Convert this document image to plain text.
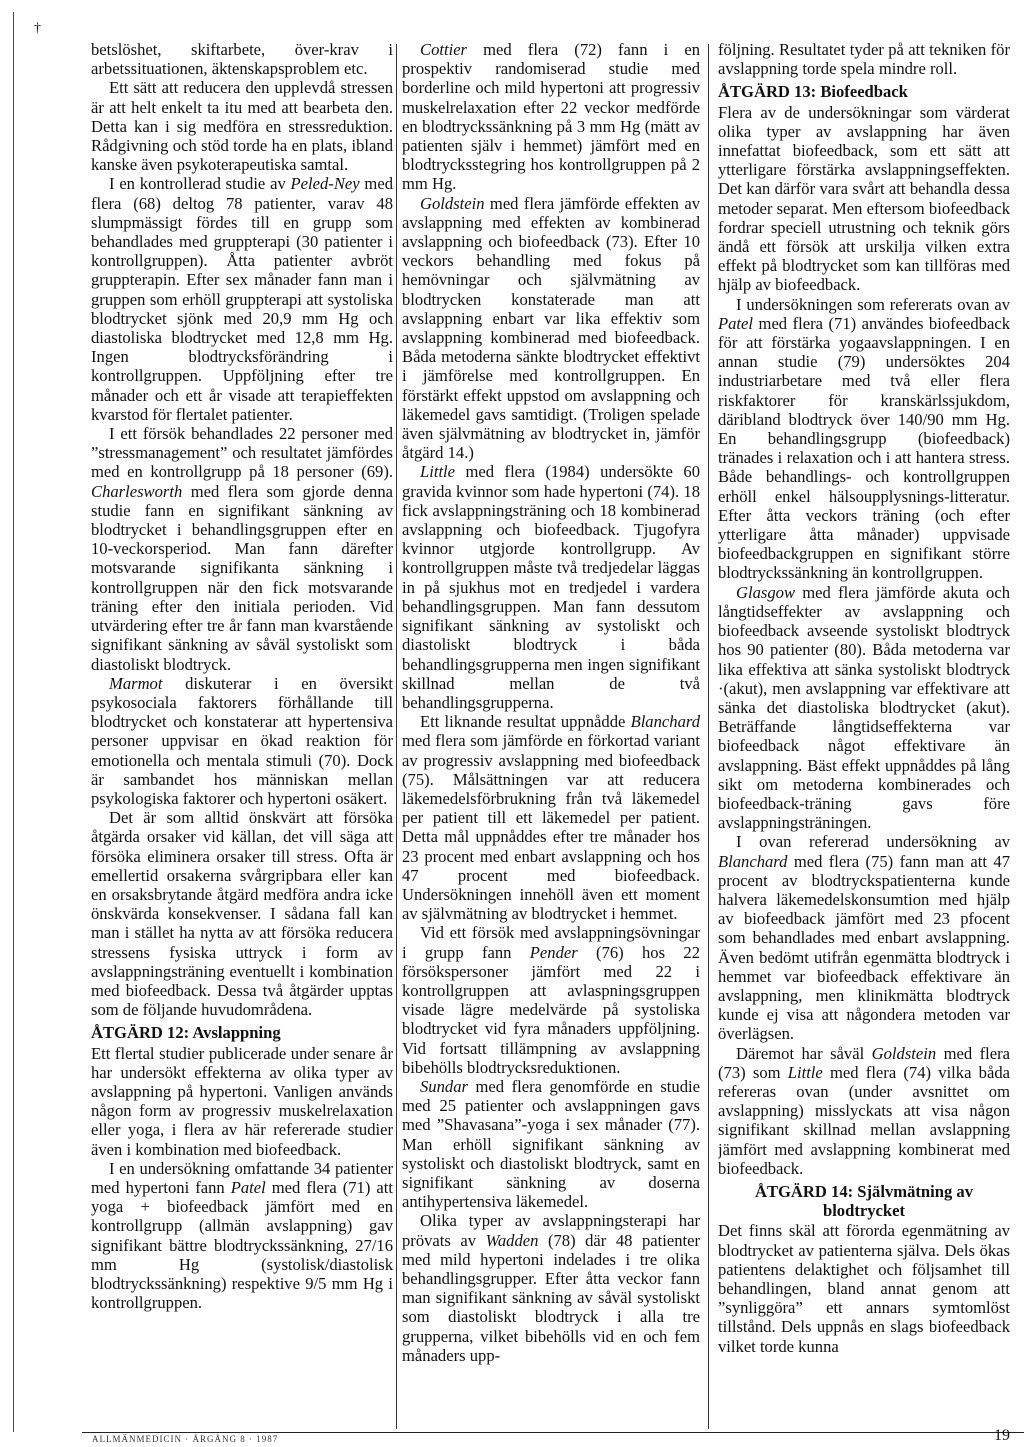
†

betslöshet, skiftarbete, över-krav i arbetssituationen, äktenskapsproblem etc.

Ett sätt att reducera den upplevdå stressen är att helt enkelt ta itu med att bearbeta den. Detta kan i sig medföra en stressreduktion. Rådgivning och stöd torde ha en plats, ibland kanske även psykoterapeutiska samtal.

I en kontrollerad studie av Peled-Ney med flera (68) deltog 78 patienter, varav 48 slumpmässigt fördes till en grupp som behandlades med gruppterapi (30 patienter i kontrollgruppen). Åtta patienter avbröt gruppterapin. Efter sex månader fann man i gruppen som erhöll gruppterapi att systoliska blodtrycket sjönk med 20,9 mm Hg och diastoliska blodtrycket med 12,8 mm Hg. Ingen blodtrycksförändring i kontrollgruppen. Uppföljning efter tre månader och ett år visade att terapieffekten kvarstod för flertalet patienter.

I ett försök behandlades 22 personer med ”stressmanagement” och resultatet jämfördes med en kontrollgrupp på 18 personer (69). Charlesworth med flera som gjorde denna studie fann en signifikant sänkning av blodtrycket i behandlingsgruppen efter en 10-veckorsperiod. Man fann därefter motsvarande signifikanta sänkning i kontrollgruppen när den fick motsvarande träning efter den initiala perioden. Vid utvärdering efter tre år fann man kvarstående signifikant sänkning av såväl systoliskt som diastoliskt blodtryck.

Marmot diskuterar i en översikt psykosociala faktorers förhållande till blodtrycket och konstaterar att hypertensiva personer uppvisar en ökad reaktion för emotionella och mentala stimuli (70). Dock är sambandet hos människan mellan psykologiska faktorer och hypertoni osäkert.

Det är som alltid önskvärt att försöka åtgärda orsaker vid källan, det vill säga att försöka eliminera orsaker till stress. Ofta är emellertid orsakerna svårgripbara eller kan en orsaksbrytande åtgärd medföra andra icke önskvärda konsekvenser. I sådana fall kan man i stället ha nytta av att försöka reducera stressens fysiska uttryck i form av avslappningsträning eventuellt i kombination med biofeedback. Dessa två åtgärder upptas som de följande huvudområdena.

ÅTGÄRD 12: Avslappning

Ett flertal studier publicerade under senare år har undersökt effekterna av olika typer av avslappning på hypertoni. Vanligen används någon form av progressiv muskelrelaxation eller yoga, i flera av här refererade studier även i kombination med biofeedback.

I en undersökning omfattande 34 patienter med hypertoni fann Patel med flera (71) att yoga + biofeedback jämfört med en kontrollgrupp (allmän avslappning) gav signifikant bättre blodtryckssänkning, 27/16 mm Hg (systolisk/diastolisk blodtryckssänkning) respektive 9/5 mm Hg i kontrollgruppen.

Cottier med flera (72) fann i en prospektiv randomiserad studie med borderline och mild hypertoni att progressiv muskelrelaxation efter 22 veckor medförde en blodtryckssänkning på 3 mm Hg (mätt av patienten själv i hemmet) jämfört med en blodtrycksstegring hos kontrollgruppen på 2 mm Hg.

Goldstein med flera jämförde effekten av avslappning med effekten av kombinerad avslappning och biofeedback (73). Efter 10 veckors behandling med fokus på hemövningar och självmätning av blodtrycken konstaterade man att avslappning enbart var lika effektiv som avslappning kombinerad med biofeedback. Båda metoderna sänkte blodtrycket effektivt i jämförelse med kontrollgruppen. En förstärkt effekt uppstod om avslappning och läkemedel gavs samtidigt. (Troligen spelade även självmätning av blodtrycket in, jämför åtgärd 14.)

Little med flera (1984) undersökte 60 gravida kvinnor som hade hypertoni (74). 18 fick avslappningsträning och 18 kombinerad avslappning och biofeedback. Tjugofyra kvinnor utgjorde kontrollgrupp. Av kontrollgruppen måste två tredjedelar läggas in på sjukhus mot en tredjedel i vardera behandlingsgruppen. Man fann dessutom signifikant sänkning av systoliskt och diastoliskt blodtryck i båda behandlingsgrupperna men ingen signifikant skillnad mellan de två behandlingsgrupperna.

Ett liknande resultat uppnådde Blanchard med flera som jämförde en förkortad variant av progressiv avslappning med biofeedback (75). Målsättningen var att reducera läkemedelsförbrukning från två läkemedel per patient till ett läkemedel per patient. Detta mål uppnåddes efter tre månader hos 23 procent med enbart avslappning och hos 47 procent med biofeedback. Undersökningen innehöll även ett moment av självmätning av blodtrycket i hemmet.

Vid ett försök med avslappningsövningar i grupp fann Pender (76) hos 22 försökspersoner jämfört med 22 i kontrollgruppen att avlaspningsgruppen visade lägre medelvärde på systoliska blodtrycket vid fyra månaders uppföljning. Vid fortsatt tillämpning av avslappning bibehölls blodtrycksreduktionen.

Sundar med flera genomförde en studie med 25 patienter och avslappningen gavs med ”Shavasana”-yoga i sex månader (77). Man erhöll signifikant sänkning av systoliskt och diastoliskt blodtryck, samt en signifikant sänkning av doserna antihypertensiva läkemedel.

Olika typer av avslappningsterapi har prövats av Wadden (78) där 48 patienter med mild hypertoni indelades i tre olika behandlingsgrupper. Efter åtta veckor fann man signifikant sänkning av såväl systoliskt som diastoliskt blodtryck i alla tre grupperna, vilket bibehölls vid en och fem månaders upp-

följning. Resultatet tyder på att tekniken för avslappning torde spela mindre roll.

ÅTGÄRD 13: Biofeedback

Flera av de undersökningar som värderat olika typer av avslappning har även innefattat biofeedback, som ett sätt att ytterligare förstärka avslappningseffekten. Det kan därför vara svårt att behandla dessa metoder separat. Men eftersom biofeedback fordrar speciell utrustning och teknik görs ändå ett försök att urskilja vilken extra effekt på blodtrycket som kan tillföras med hjälp av biofeedback.

I undersökningen som refererats ovan av Patel med flera (71) användes biofeedback för att förstärka yogaavslappningen. I en annan studie (79) undersöktes 204 industriarbetare med två eller flera riskfaktorer för kranskärlssjukdom, däribland blodtryck över 140/90 mm Hg. En behandlingsgrupp (biofeedback) tränades i relaxation och i att hantera stress. Både behandlings- och kontrollgruppen erhöll enkel hälsoupplysnings-litteratur. Efter åtta veckors träning (och efter ytterligare åtta månader) uppvisade biofeedbackgruppen en signifikant större blodtryckssänkning än kontrollgruppen.

Glasgow med flera jämförde akuta och långtidseffekter av avslappning och biofeedback avseende systoliskt blodtryck hos 90 patienter (80). Båda metoderna var lika effektiva att sänka systoliskt blodtryck ·(akut), men avslappning var effektivare att sänka det diastoliska blodtrycket (akut). Beträffande långtidseffekterna var biofeedback något effektivare än avslappning. Bäst effekt uppnåddes på lång sikt om metoderna kombinerades och biofeedback-träning gavs före avslappningsträningen.

I ovan refererad undersökning av Blanchard med flera (75) fann man att 47 procent av blodtryckspatienterna kunde halvera läkemedelskonsumtion med hjälp av biofeedback jämfört med 23 pfocent som behandlades med enbart avslappning. Även bedömt utifrån egenmätta blodtryck i hemmet var biofeedback effektivare än avslappning, men klinikmätta blodtryck kunde ej visa att någondera metoden var överlägsen.

Däremot har såväl Goldstein med flera (73) som Little med flera (74) vilka båda refereras ovan (under avsnittet om avslappning) misslyckats att visa någon signifikant skillnad mellan avslappning jämfört med avslappning kombinerat med biofeedback.

ÅTGÄRD 14: Självmätning av blodtrycket

Det finns skäl att förorda egenmätning av blodtrycket av patienterna själva. Dels ökas patientens delaktighet och följsamhet till behandlingen, bland annat genom att ”synliggöra” ett annars symtomlöst tillstånd. Dels uppnås en slags biofeedback vilket torde kunna

ALLMÄNMEDICIN · ÅRGÅNG 8 · 1987	19
